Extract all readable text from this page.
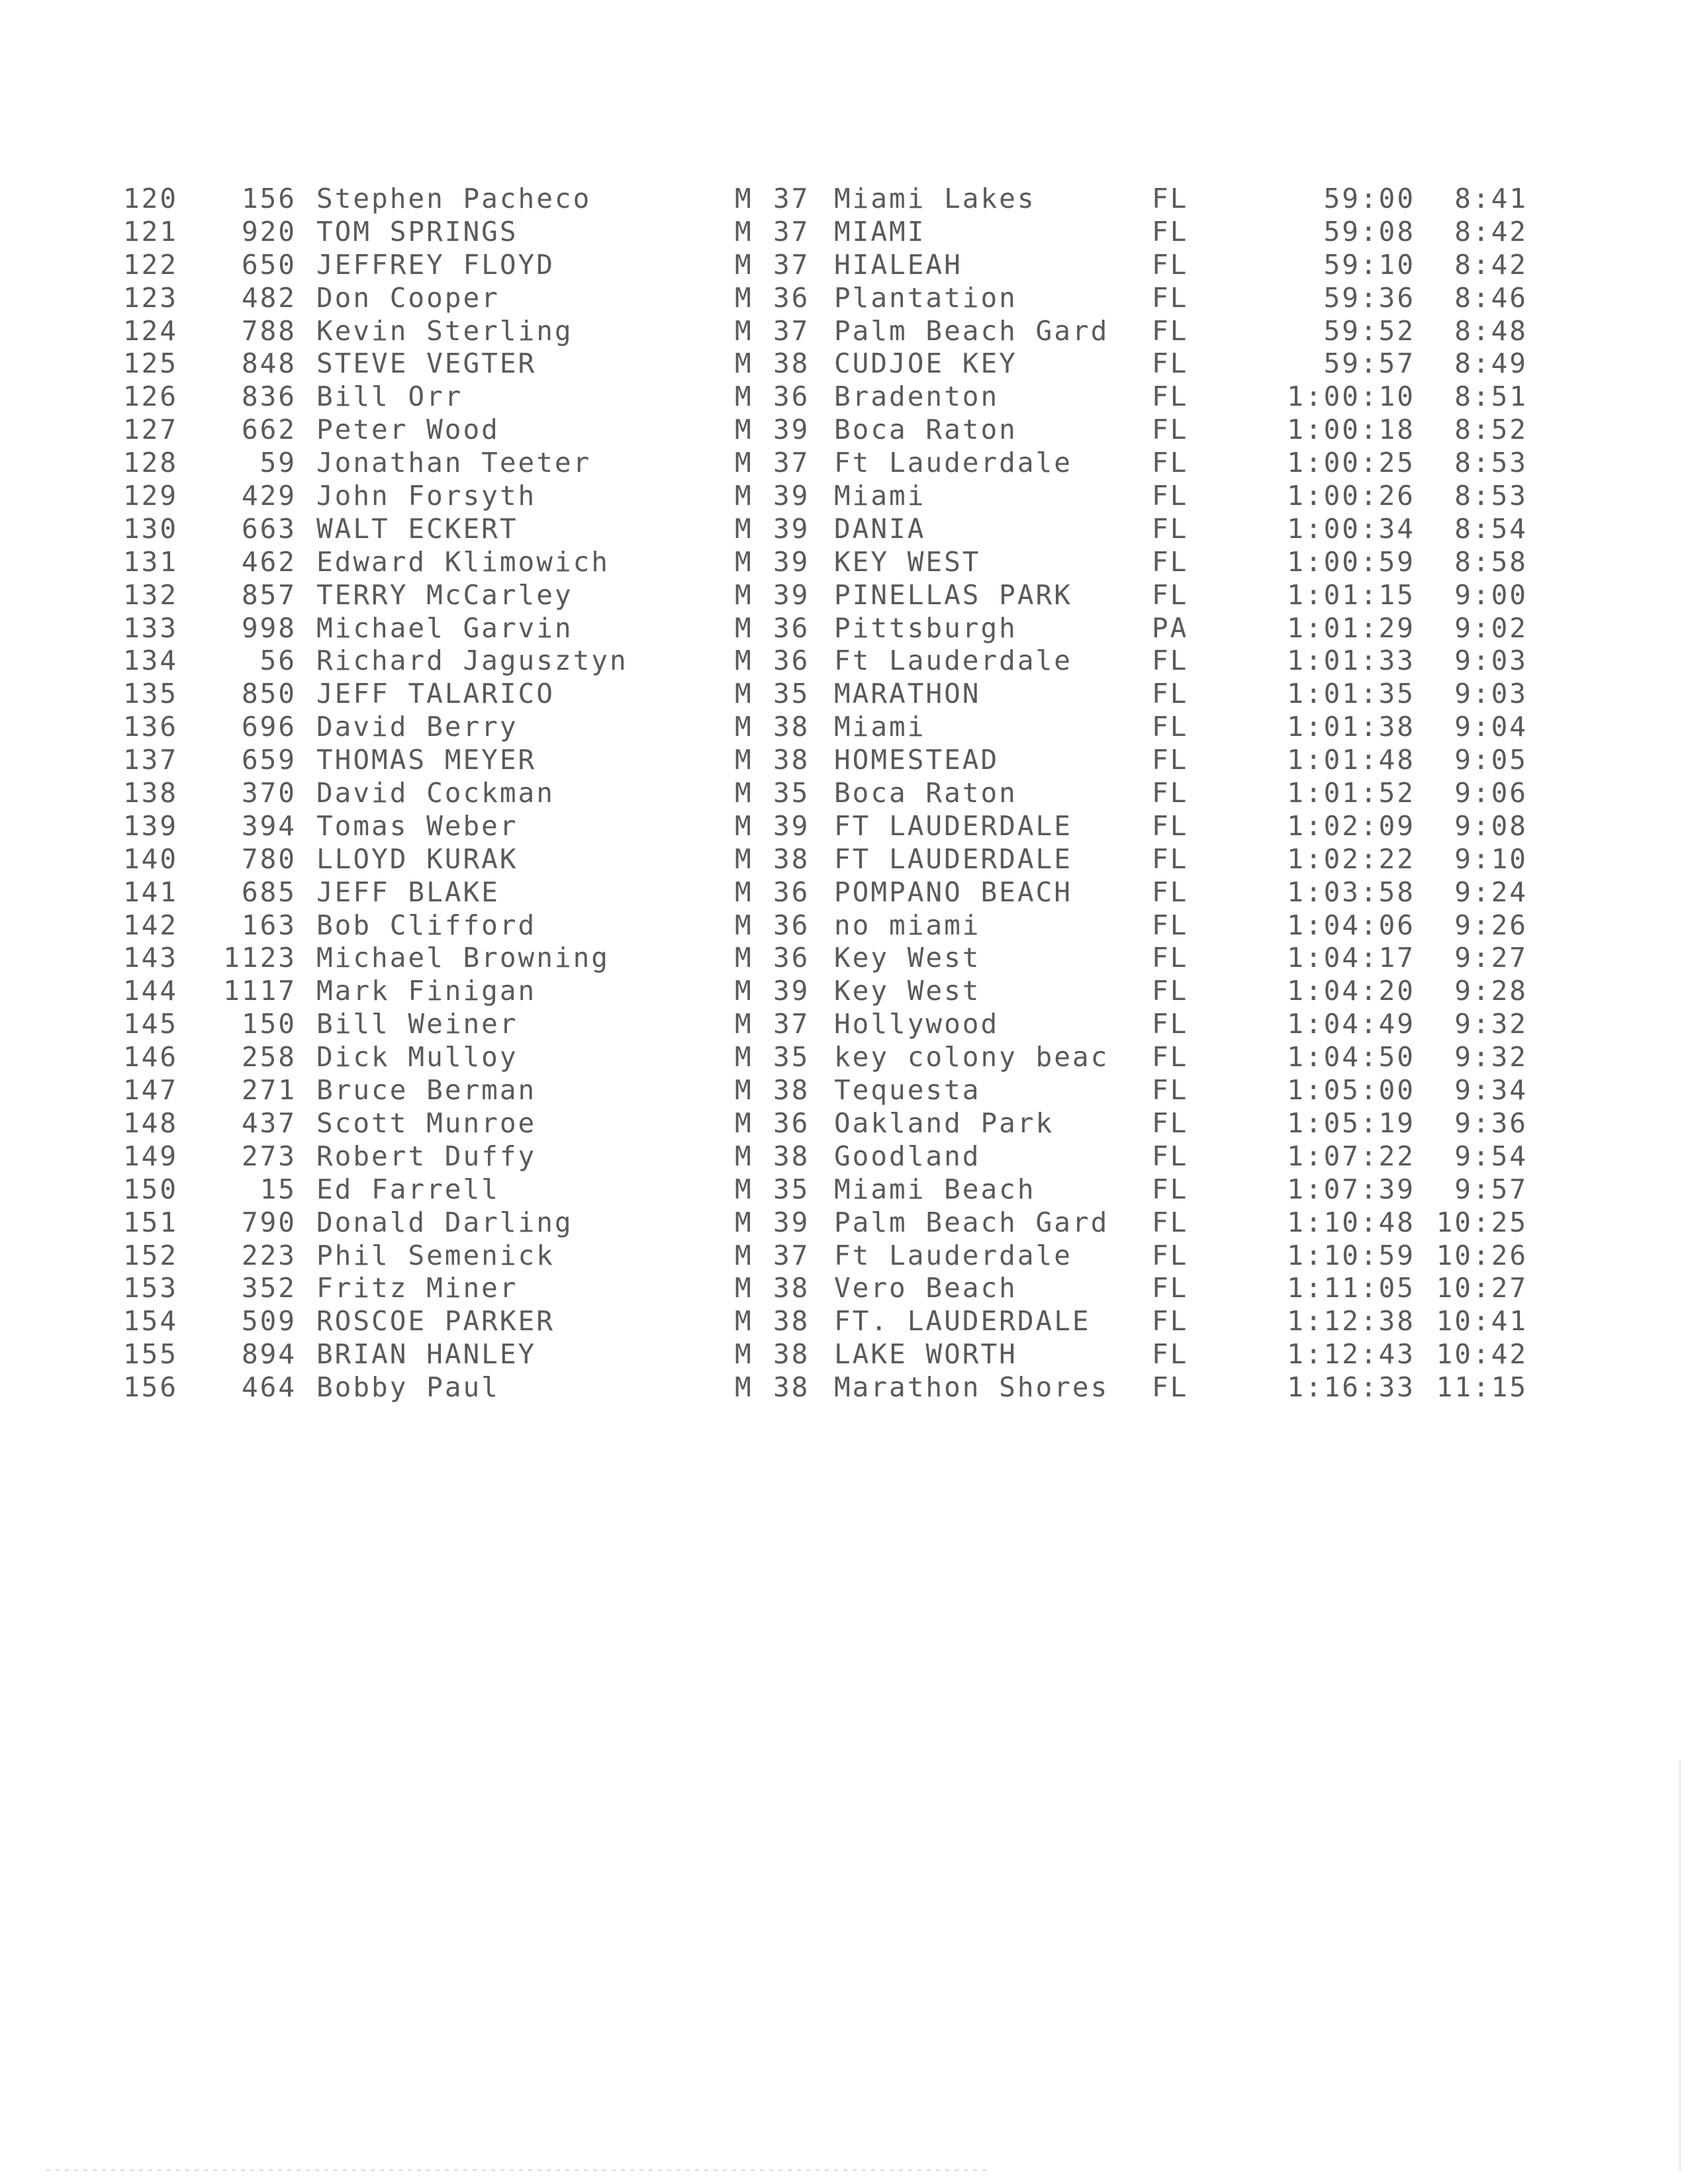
120	156 Stephen Pacheco	M 37 Miami Lakes	FL	59:00	8:41
121	920 TOM SPRINGS	M 37 MIAMI	FL	59:08	8:42
122	650 JEFFREY FLOYD	M 37 HIALEAH	FL	59:10	8:42
123	482 Don Cooper	M 36 Plantation	FL	59:36	8:46
124	788 Kevin Sterling	M 37 Palm Beach Gard FL	59:52	8:48
125	848 STEVE VEGTER	M 38 CUDJOE KEY	FL	59:57	8:49
126	836 Bill Orr	M 36 Bradenton	FL	1:00:10	8:51
127	662 Peter Wood	M 39 Boca Raton	FL	1:00:18	8:52
128	59 Jonathan Teeter	M 37 Ft Lauderdale	FL	1:00:25	8:53
129	429 John Forsyth	M 39 Miami	FL	1:00:26	8:53
130	663 WALT ECKERT	M 39 DANIA	FL	1:00:34	8:54
131	462 Edward Klimowich	M 39 KEY WEST	FL	1:00:59	8:58
132	857 TERRY McCarley	M 39 PINELLAS PARK	FL	1:01:15	9:00
133	998 Michael Garvin	M 36 Pittsburgh	PA	1:01:29	9:02
134	56 Richard Jagusztyn	M 36 Ft Lauderdale	FL	1:01:33	9:03
135	850 JEFF TALARICO	M 35 MARATHON	FL	1:01:35	9:03
136	696 David Berry	M 38 Miami	FL	1:01:38	9:04
137	659 THOMAS MEYER	M 38 HOMESTEAD	FL	1:01:48	9:05
138	370 David Cockman	M 35 Boca Raton	FL	1:01:52	9:06
139	394 Tomas Weber	M 39 FT LAUDERDALE	FL	1:02:09	9:08
140	780 LLOYD KURAK	M 38 FT LAUDERDALE	FL	1:02:22	9:10
141	685 JEFF BLAKE	M 36 POMPANO BEACH	FL	1:03:58	9:24
142	163 Bob Clifford	M 36 no miami	FL	1:04:06	9:26
143	1123 Michael Browning	M 36 Key West	FL	1:04:17	9:27
144	1117 Mark Finigan	M 39 Key West	FL	1:04:20	9:28
145	150 Bill Weiner	M 37 Hollywood	FL	1:04:49	9:32
146	258 Dick Mulloy	M 35 key colony beac FL	1:04:50	9:32
147	271 Bruce Berman	M 38 Tequesta	FL	1:05:00	9:34
148	437 Scott Munroe	M 36 Oakland Park	FL	1:05:19	9:36
149	273 Robert Duffy	M 38 Goodland	FL	1:07:22	9:54
150	15 Ed Farrell	M 35 Miami Beach	FL	1:07:39	9:57
151	790 Donald Darling	M 39 Palm Beach Gard FL	1:10:48 10:25
152	223 Phil Semenick	M 37 Ft Lauderdale	FL	1:10:59 10:26
153	352 Fritz Miner	M 38 Vero Beach	FL	1:11:05 10:27
154	509 ROSCOE PARKER	M 38 FT. LAUDERDALE FL	1:12:38 10:41
155	894 BRIAN HANLEY	M 38 LAKE WORTH	FL	1:12:43 10:42
156	464 Bobby Paul	M 38 Marathon Shores FL	1:16:33 11:15
